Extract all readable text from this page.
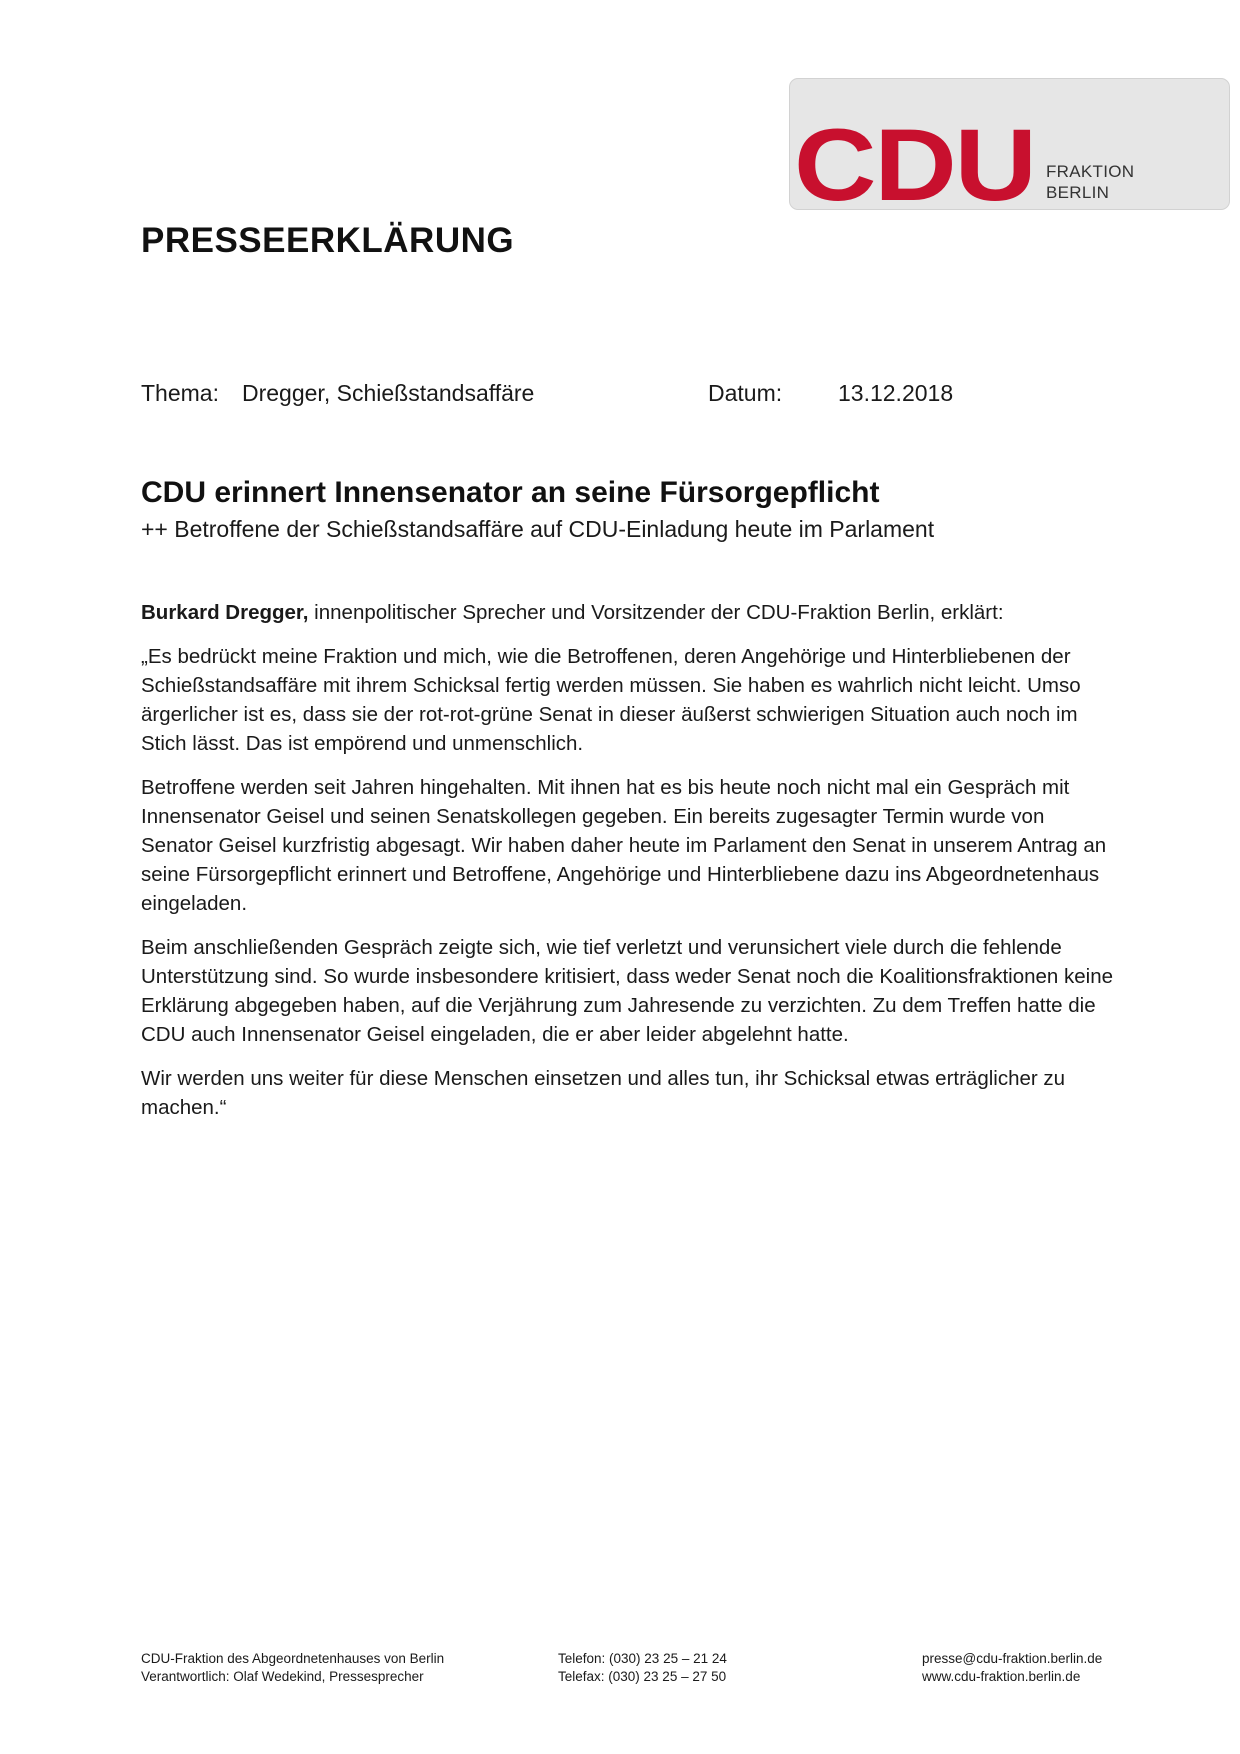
CDU FRAKTION
BERLIN
PRESSEERKLÄRUNG
Thema: Dregger, Schießstandsaffäre	Datum: 13.12.2018
CDU erinnert Innensenator an seine Fürsorgepflicht
++ Betroffene der Schießstandsaffäre auf CDU-Einladung heute im Parlament

Burkard Dregger, innenpolitischer Sprecher und Vorsitzender der CDU-Fraktion Berlin, erklärt:

„Es bedrückt meine Fraktion und mich, wie die Betroffenen, deren Angehörige und Hinterbliebenen der Schießstandsaffäre mit ihrem Schicksal fertig werden müssen. Sie haben es wahrlich nicht leicht. Umso ärgerlicher ist es, dass sie der rot-rot-grüne Senat in dieser äußerst schwierigen Situation auch noch im Stich lässt. Das ist empörend und unmenschlich.

Betroffene werden seit Jahren hingehalten. Mit ihnen hat es bis heute noch nicht mal ein Gespräch mit Innensenator Geisel und seinen Senatskollegen gegeben. Ein bereits zugesagter Termin wurde von Senator Geisel kurzfristig abgesagt. Wir haben daher heute im Parlament den Senat in unserem Antrag an seine Fürsorgepflicht erinnert und Betroffene, Angehörige und Hinterbliebene dazu ins Abgeordnetenhaus eingeladen.

Beim anschließenden Gespräch zeigte sich, wie tief verletzt und verunsichert viele durch die fehlende Unterstützung sind. So wurde insbesondere kritisiert, dass weder Senat noch die Koalitionsfraktionen keine Erklärung abgegeben haben, auf die Verjährung zum Jahresende zu verzichten. Zu dem Treffen hatte die CDU auch Innensenator Geisel eingeladen, die er aber leider abgelehnt hatte.

Wir werden uns weiter für diese Menschen einsetzen und alles tun, ihr Schicksal etwas erträglicher zu machen.“

CDU-Fraktion des Abgeordnetenhauses von Berlin
Verantwortlich: Olaf Wedekind, Pressesprecher
Telefon: (030) 23 25 – 21 24
Telefax: (030) 23 25 – 27 50
presse@cdu-fraktion.berlin.de
www.cdu-fraktion.berlin.de
